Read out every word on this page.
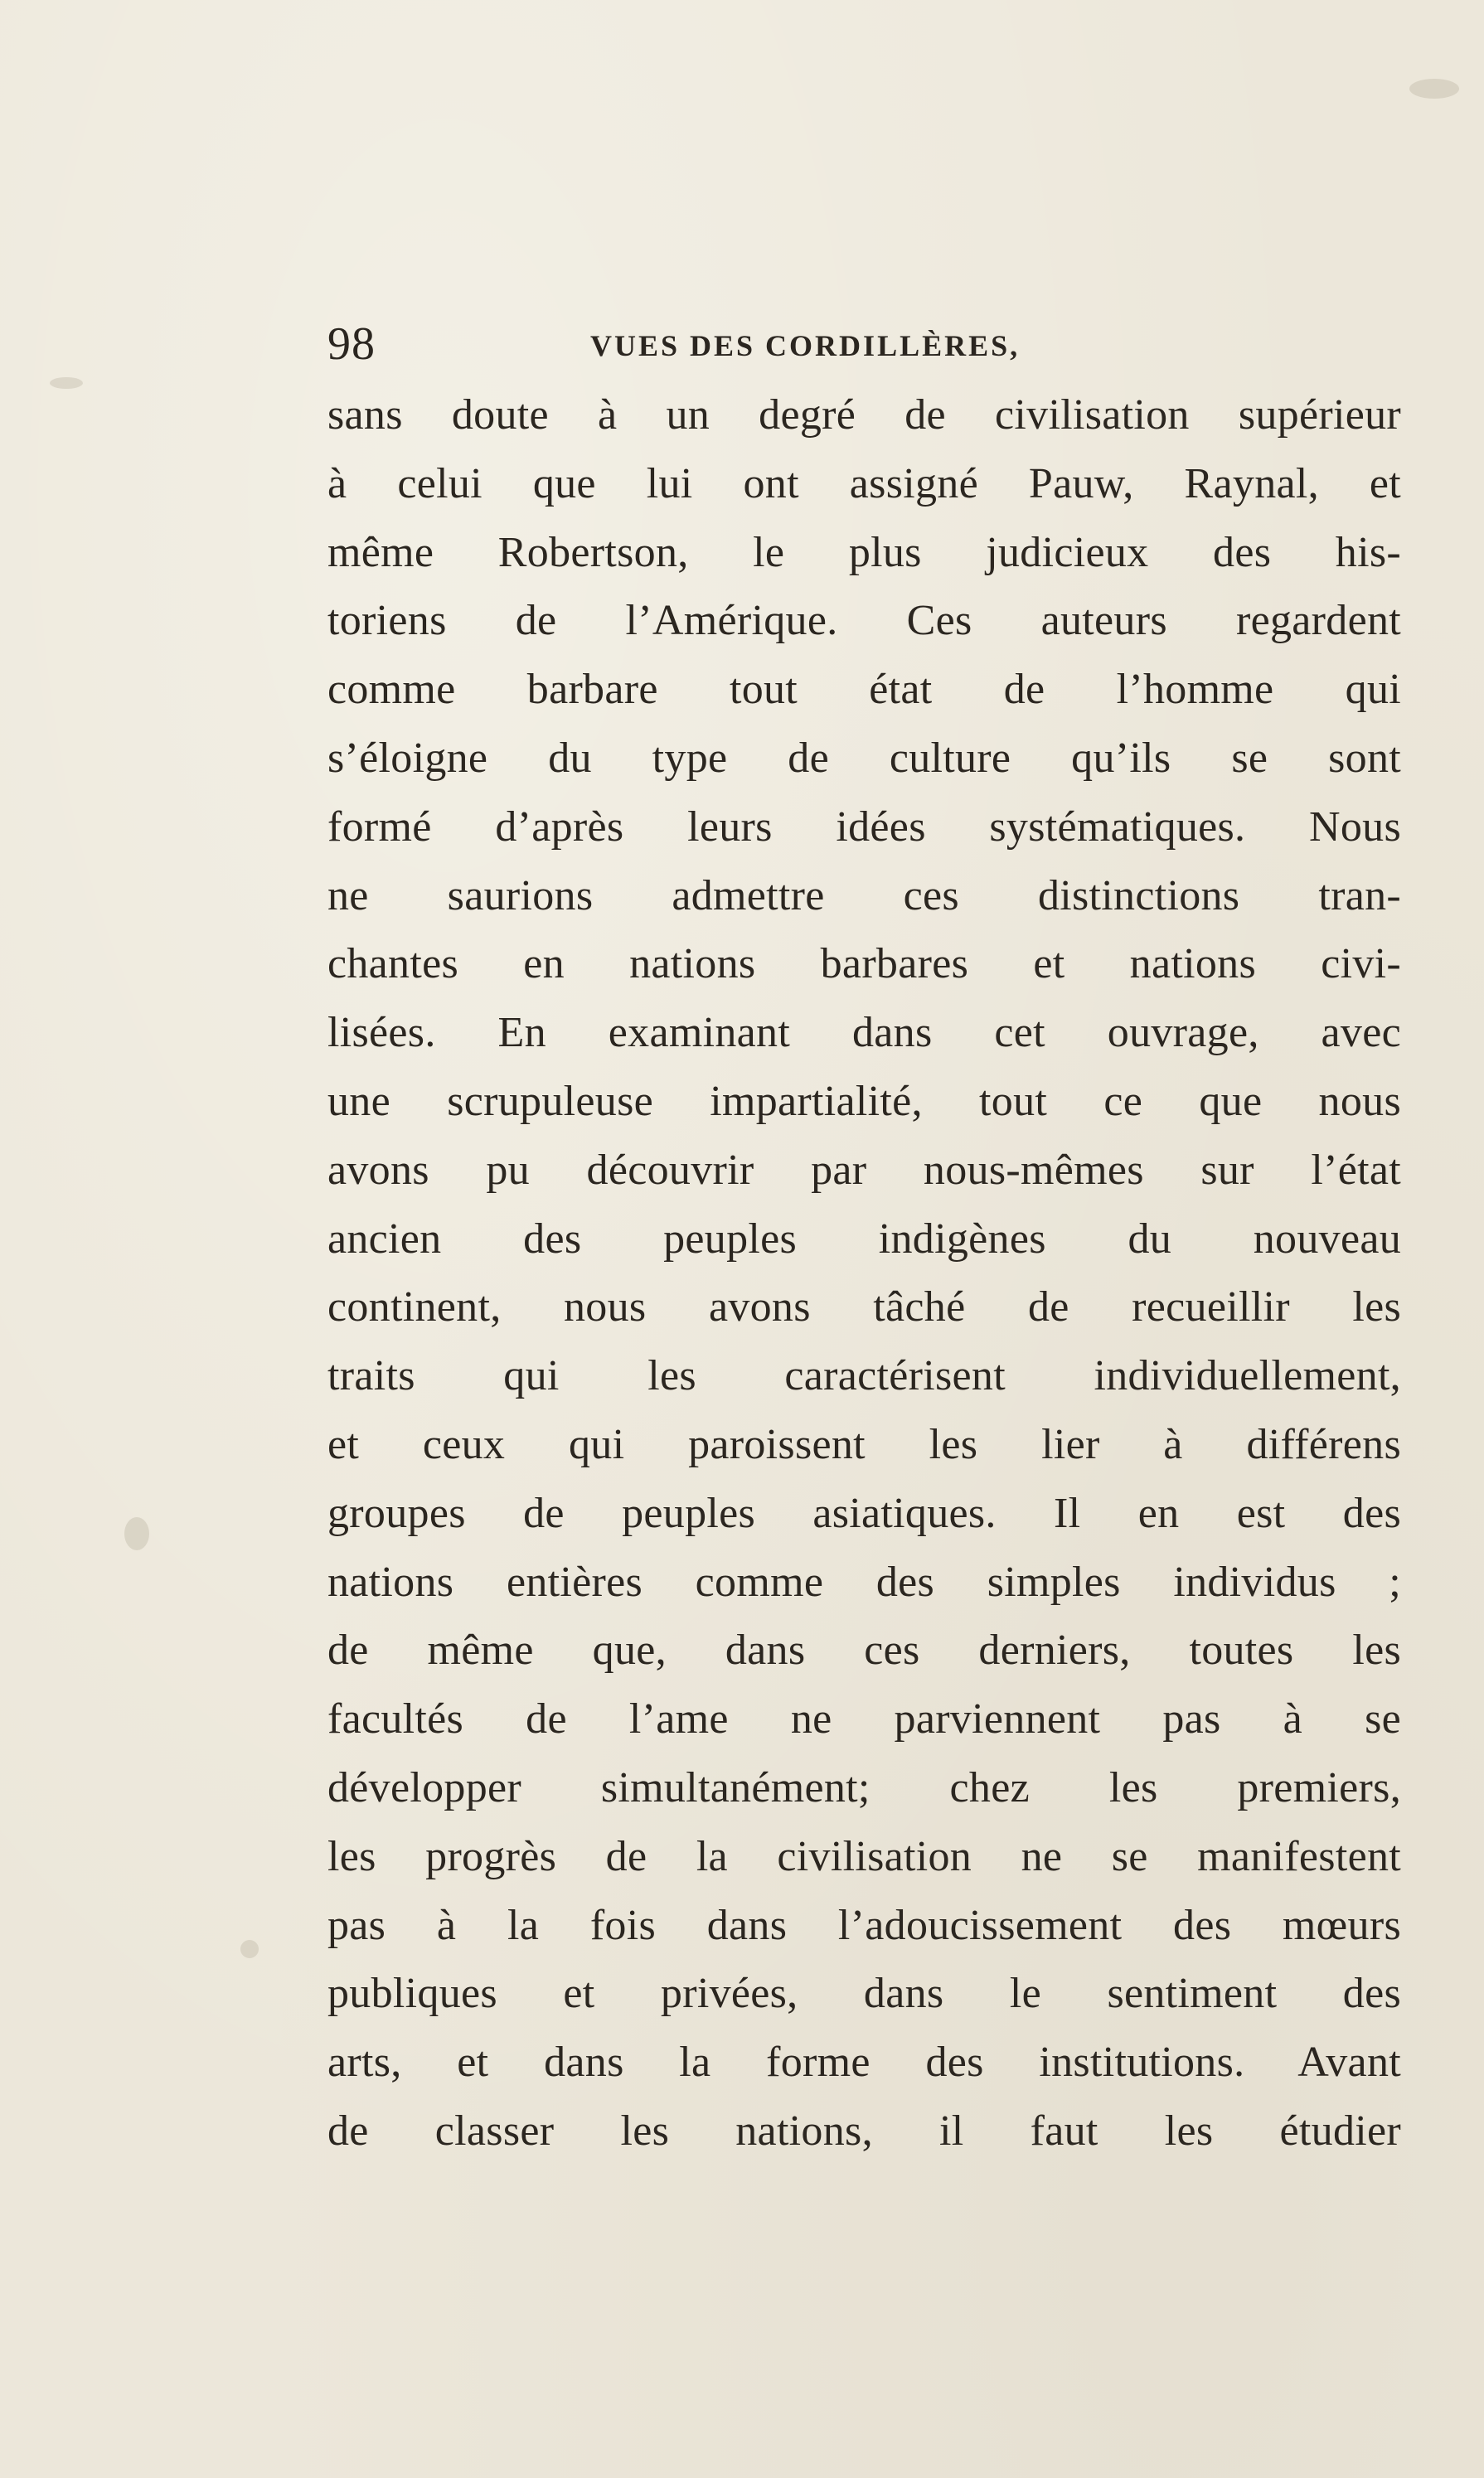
98	VUES DES CORDILLÈRES,
sans doute à un degré de civilisation supérieur
à celui que lui ont assigné Pauw, Raynal, et
même Robertson, le plus judicieux des his-
toriens de l’Amérique. Ces auteurs regardent
comme barbare tout état de l’homme qui
s’éloigne du type de culture qu’ils se sont
formé d’après leurs idées systématiques. Nous
ne saurions admettre ces distinctions tran-
chantes en nations barbares et nations civi-
lisées. En examinant dans cet ouvrage, avec
une scrupuleuse impartialité, tout ce que nous
avons pu découvrir par nous-mêmes sur l’état
ancien des peuples indigènes du nouveau
continent, nous avons tâché de recueillir les
traits qui les caractérisent individuellement,
et ceux qui paroissent les lier à différens
groupes de peuples asiatiques. Il en est des
nations entières comme des simples individus ;
de même que, dans ces derniers, toutes les
facultés de l’ame ne parviennent pas à se
développer simultanément; chez les premiers,
les progrès de la civilisation ne se manifestent
pas à la fois dans l’adoucissement des mœurs
publiques et privées, dans le sentiment des
arts, et dans la forme des institutions. Avant
de classer les nations, il faut les étudier
